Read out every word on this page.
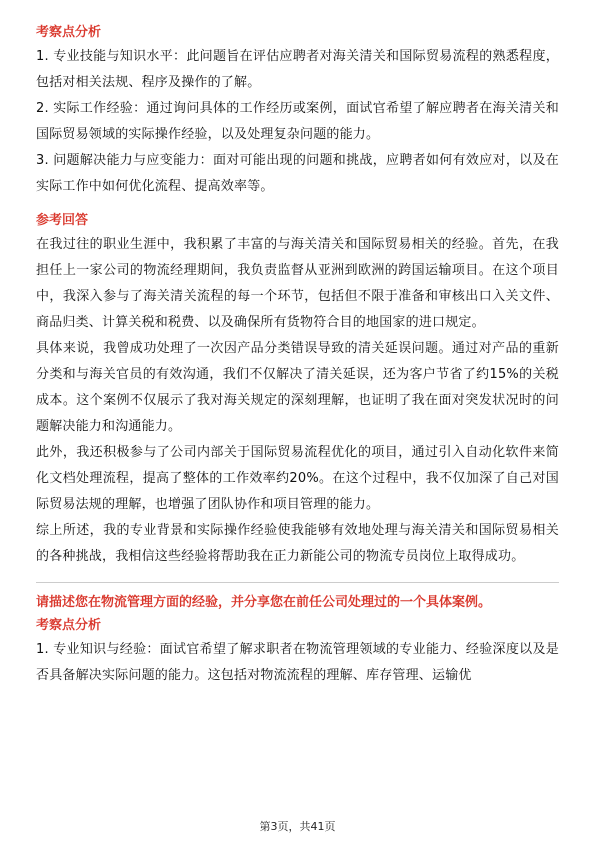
考察点分析

1. 专业技能与知识水平：此问题旨在评估应聘者对海关清关和国际贸易流程的熟悉程度，包括对相关法规、程序及操作的了解。

2. 实际工作经验：通过询问具体的工作经历或案例，面试官希望了解应聘者在海关清关和国际贸易领域的实际操作经验，以及处理复杂问题的能力。

3. 问题解决能力与应变能力：面对可能出现的问题和挑战，应聘者如何有效应对，以及在实际工作中如何优化流程、提高效率等。

参考回答

在我过往的职业生涯中，我积累了丰富的与海关清关和国际贸易相关的经验。首先，在我担任上一家公司的物流经理期间，我负责监督从亚洲到欧洲的跨国运输项目。在这个项目中，我深入参与了海关清关流程的每一个环节，包括但不限于准备和审核出口入关文件、商品归类、计算关税和税费、以及确保所有货物符合目的地国家的进口规定。

具体来说，我曾成功处理了一次因产品分类错误导致的清关延误问题。通过对产品的重新分类和与海关官员的有效沟通，我们不仅解决了清关延误，还为客户节省了约15%的关税成本。这个案例不仅展示了我对海关规定的深刻理解，也证明了我在面对突发状况时的问题解决能力和沟通能力。

此外，我还积极参与了公司内部关于国际贸易流程优化的项目，通过引入自动化软件来简化文档处理流程，提高了整体的工作效率约20%。在这个过程中，我不仅加深了自己对国际贸易法规的理解，也增强了团队协作和项目管理的能力。

综上所述，我的专业背景和实际操作经验使我能够有效地处理与海关清关和国际贸易相关的各种挑战，我相信这些经验将帮助我在正力新能公司的物流专员岗位上取得成功。

请描述您在物流管理方面的经验，并分享您在前任公司处理过的一个具体案例。

考察点分析

1. 专业知识与经验：面试官希望了解求职者在物流管理领域的专业能力、经验深度以及是否具备解决实际问题的能力。这包括对物流流程的理解、库存管理、运输优

第3页，共41页
